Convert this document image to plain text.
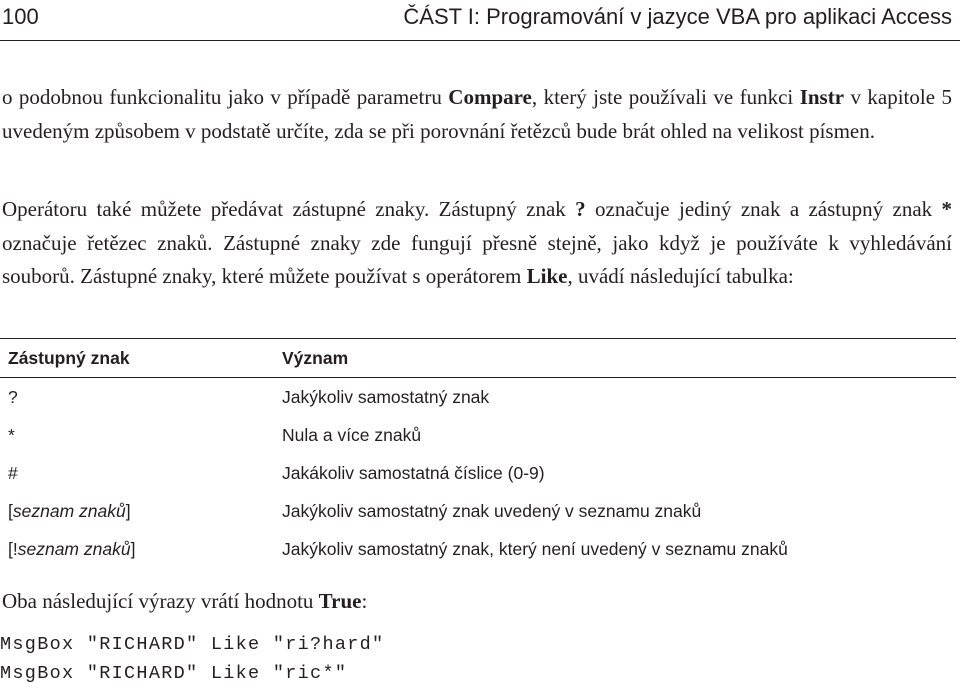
100	ČÁST I: Programování v jazyce VBA pro aplikaci Access

o podobnou funkcionalitu jako v případě parametru Compare, který jste používali ve funkci Instr v kapitole 5 uvedeným způsobem v podstatě určíte, zda se při porovnání řetězců bude brát ohled na velikost písmen.

Operátoru také můžete předávat zástupné znaky. Zástupný znak ? označuje jediný znak a zástupný znak * označuje řetězec znaků. Zástupné znaky zde fungují přesně stejně, jako když je používáte k vyhledávání souborů. Zástupné znaky, které můžete používat s operátorem Like, uvádí následující tabulka:

Zástupný znak	Význam
?	Jakýkoliv samostatný znak
*	Nula a více znaků
#	Jakákoliv samostatná číslice (0-9)
[seznam znaků]	Jakýkoliv samostatný znak uvedený v seznamu znaků
[!seznam znaků]	Jakýkoliv samostatný znak, který není uvedený v seznamu znaků

Oba následující výrazy vrátí hodnotu True:

MsgBox "RICHARD" Like "ri?hard"
MsgBox "RICHARD" Like "ric*"
